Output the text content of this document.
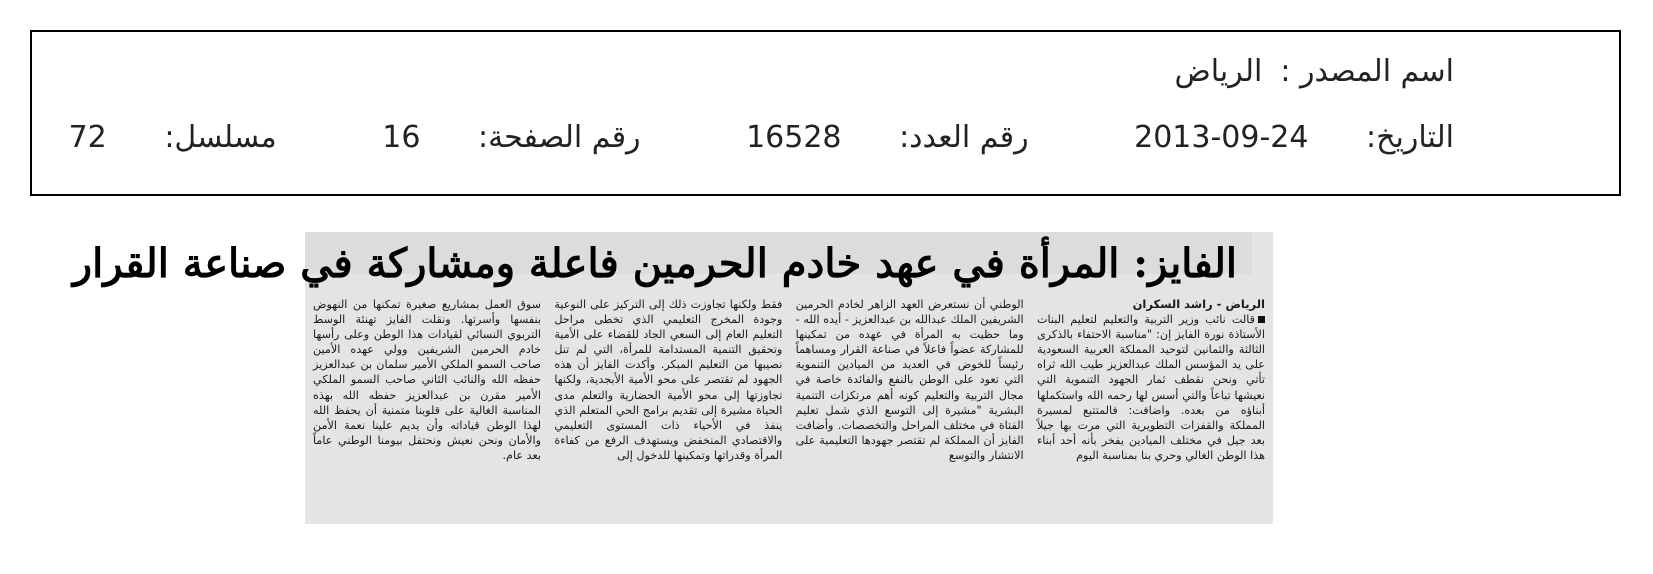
اسم المصدر :الرياض
التاريخ: 2013-09-24 رقم العدد: 16528 رقم الصفحة: 16 مسلسل: 72
الفايز: المرأة في عهد خادم الحرمين فاعلة ومشاركة في صناعة القرار

الرياض - راشد السكران

قالت نائب وزير التربية والتعليم لتعليم البنات الأستاذة نورة الفايز إن: "مناسبة الاحتفاء بالذكرى الثالثة والثمانين لتوحيد المملكة العربية السعودية على يد المؤسس الملك عبدالعزيز طيب الله ثراه تأتي ونحن نقطف ثمار الجهود التنموية التي نعيشها تباعاً والتي أسس لها رحمه الله واستكملها أبناؤه من بعده. واضافت: فالمتتبع لمسيرة المملكة والقفزات التطويرية التي مرت بها جيلاً بعد جيل في مختلف الميادين يفخر بأنه أحد أبناء هذا الوطن الغالي وحري بنا بمناسبة اليوم

الوطني أن نستعرض العهد الزاهر لخادم الحرمين الشريفين الملك عبدالله بن عبدالعزيز - أيده الله - وما حظيت به المرأة في عهده من تمكينها للمشاركة عضواً فاعلاً في صناعة القرار ومساهماً رئيساً للخوض في العديد من الميادين التنموية التي تعود على الوطن بالنفع والفائدة خاصة في مجال التربية والتعليم كونه أهم مرتكزات التنمية البشرية "مشيرة إلى التوسع الذي شمل تعليم الفتاة في مختلف المراحل والتخصصات. وأضافت الفايز أن المملكة لم تقتصر جهودها التعليمية على الانتشار والتوسع

فقط ولكنها تجاوزت ذلك إلى التركيز على النوعية وجودة المخرج التعليمي الذي تخطى مراحل التعليم العام إلى السعي الجاد للقضاء على الأمية وتحقيق التنمية المستدامة للمرأة، التي لم تنل نصيبها من التعليم المبكر. وأكدت الفايز أن هذه الجهود لم تقتصر على محو الأمية الأبجدية، ولكنها تجاوزتها إلى محو الأمية الحضارية والتعلم مدى الحياة مشيرة إلى تقديم برامج الحي المتعلم الذي ينفذ في الأحياء ذات المستوى التعليمي والاقتصادي المنخفض ويستهدف الرفع من كفاءة المرأة وقدراتها وتمكينها للدخول إلى

سوق العمل بمشاريع صغيرة تمكنها من النهوض بنفسها وأسرتها. ونقلت الفايز تهنئة الوسط التربوي النسائي لقيادات هذا الوطن وعلى رأسها خادم الحرمين الشريفين وولي عهده الأمين صاحب السمو الملكي الأمير سلمان بن عبدالعزيز حفظه الله والنائب الثاني صاحب السمو الملكي الأمير مقرن بن عبدالعزيز حفظه الله بهذه المناسبة الغالية على قلوبنا متمنية أن يحفظ الله لهذا الوطن قياداته وأن يديم علينا نعمة الأمن والأمان ونحن نعيش ونحتفل بيومنا الوطني عاماً بعد عام.
